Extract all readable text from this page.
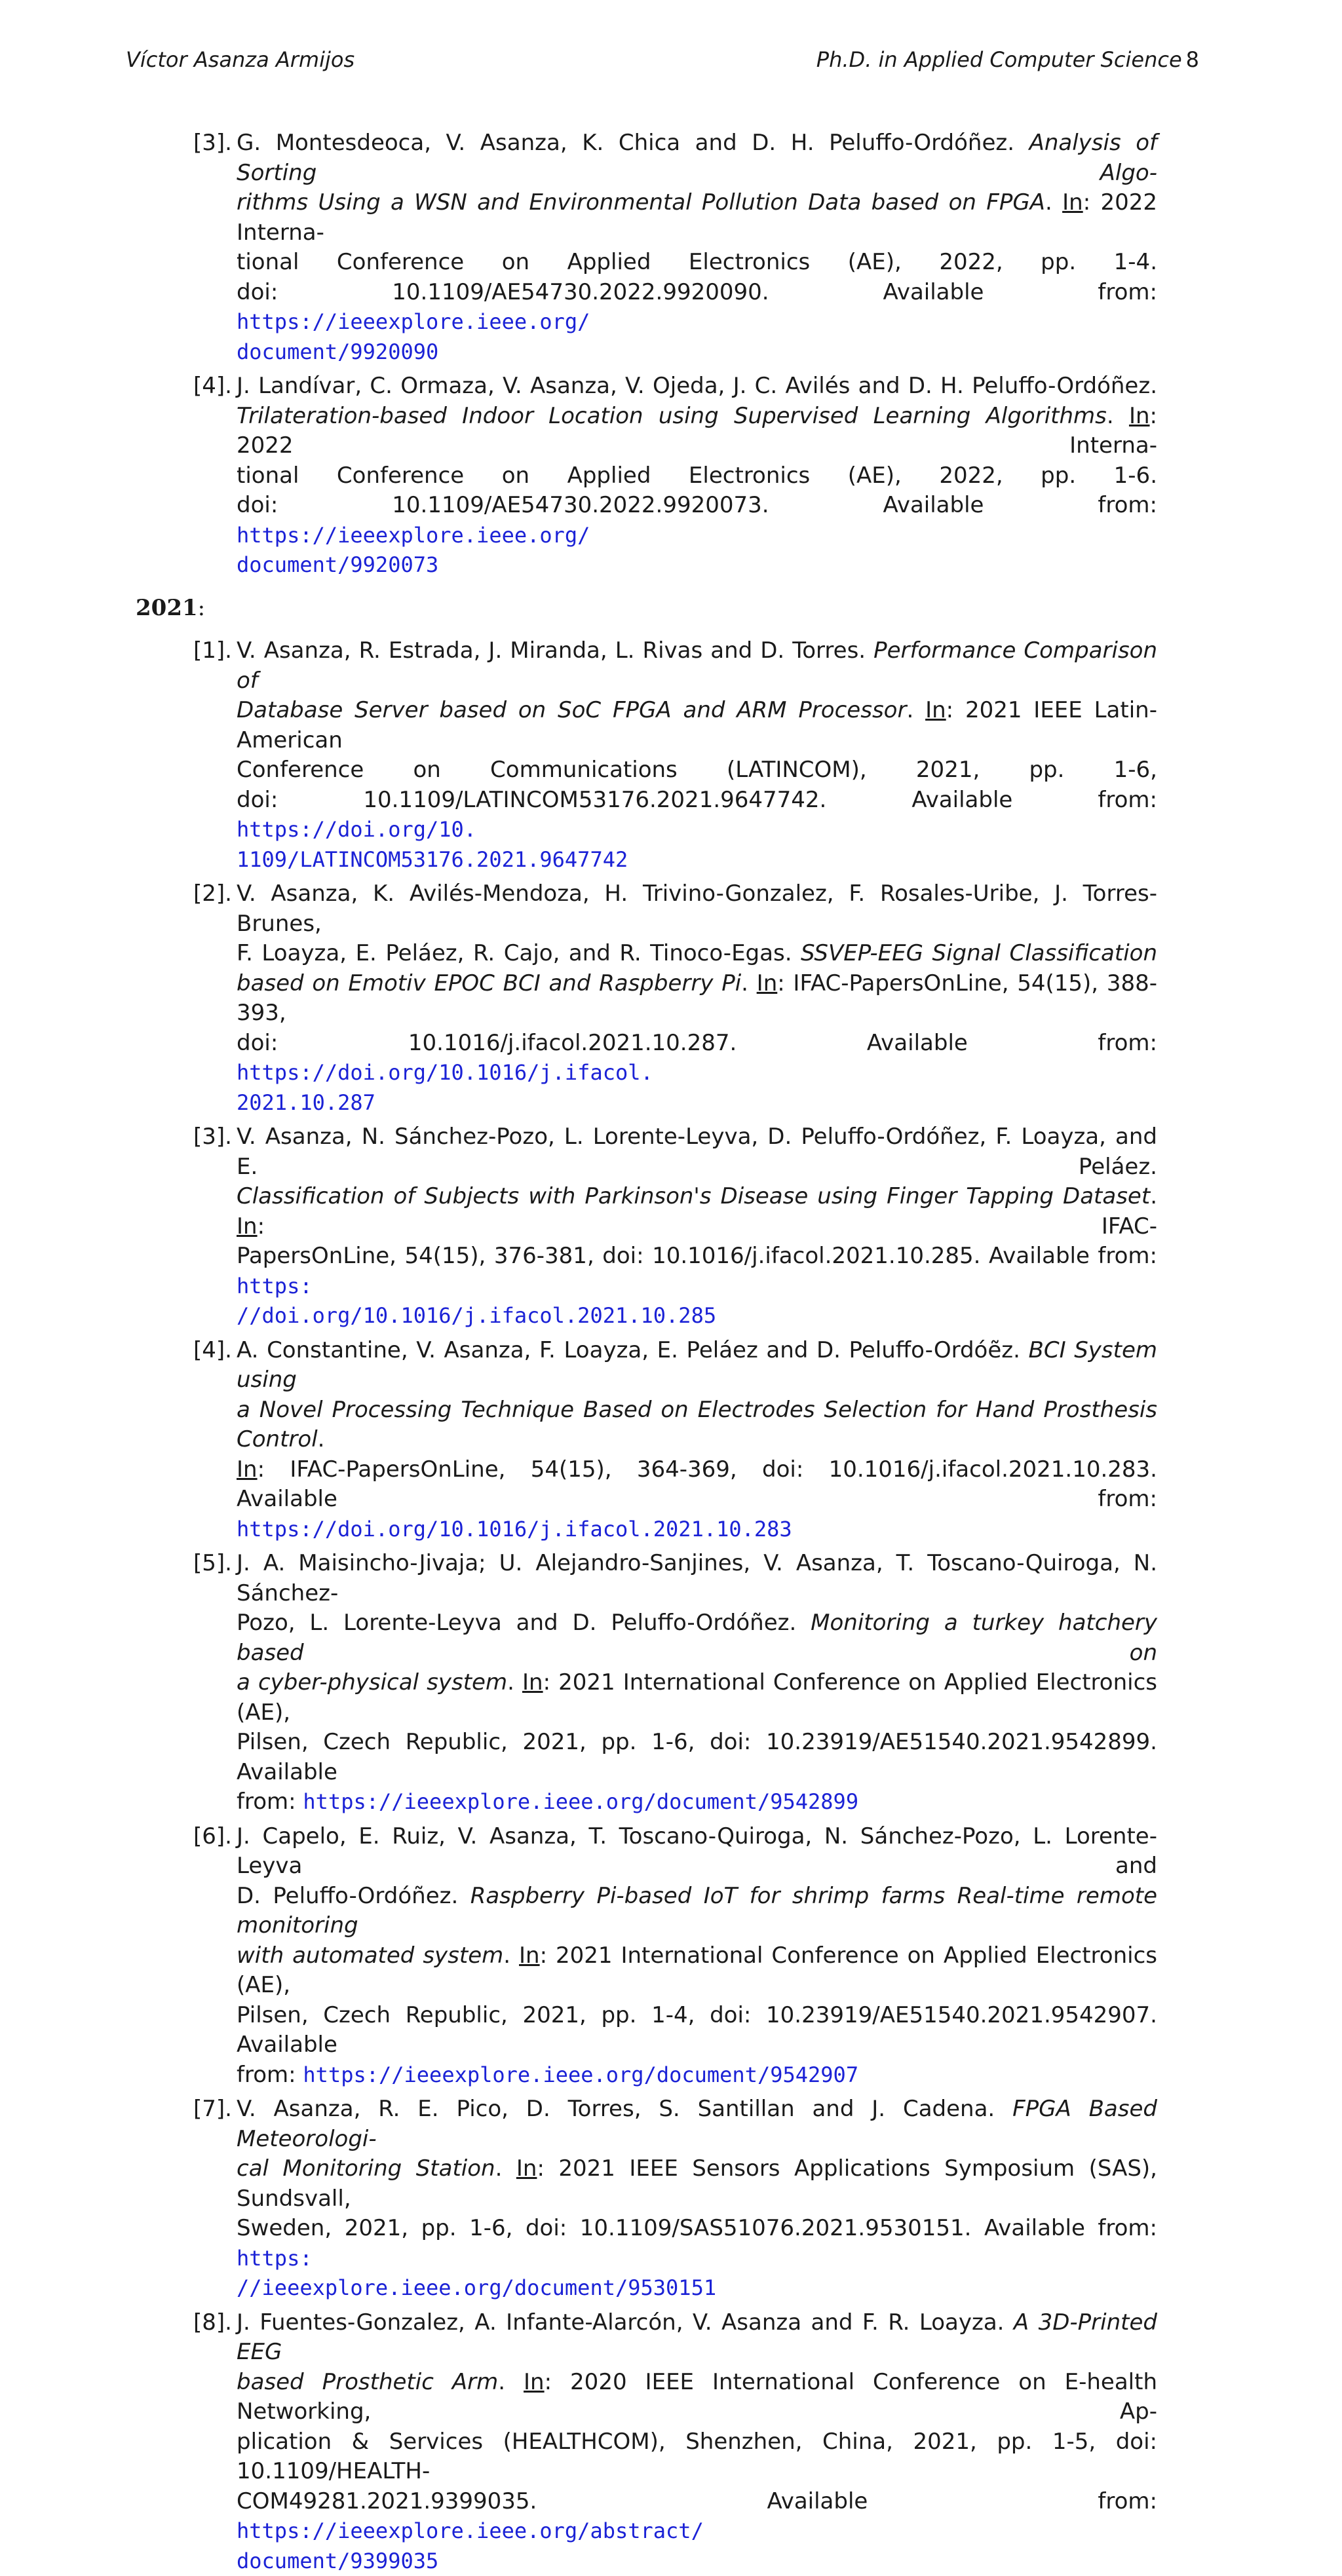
Víctor Asanza Armijos	Ph.D. in Applied Computer Science 8
[3]. G. Montesdeoca, V. Asanza, K. Chica and D. H. Peluffo-Ordóñez. Analysis of Sorting Algo-
rithms Using a WSN and Environmental Pollution Data based on FPGA. In: 2022 Interna-
tional Conference on Applied Electronics (AE), 2022, pp. 1-4.
doi: 10.1109/AE54730.2022.9920090. Available from: https://ieeexplore.ieee.org/
document/9920090
[4]. J. Landívar, C. Ormaza, V. Asanza, V. Ojeda, J. C. Avilés and D. H. Peluffo-Ordóñez.
Trilateration-based Indoor Location using Supervised Learning Algorithms. In: 2022 Interna-
tional Conference on Applied Electronics (AE), 2022, pp. 1-6.
doi: 10.1109/AE54730.2022.9920073. Available from: https://ieeexplore.ieee.org/
document/9920073
2021:
[1]. V. Asanza, R. Estrada, J. Miranda, L. Rivas and D. Torres. Performance Comparison of
Database Server based on SoC FPGA and ARM Processor. In: 2021 IEEE Latin-American
Conference on Communications (LATINCOM), 2021, pp. 1-6,
doi: 10.1109/LATINCOM53176.2021.9647742. Available from: https://doi.org/10.
1109/LATINCOM53176.2021.9647742
[2]. V. Asanza, K. Avilés-Mendoza, H. Trivino-Gonzalez, F. Rosales-Uribe, J. Torres-Brunes,
F. Loayza, E. Peláez, R. Cajo, and R. Tinoco-Egas. SSVEP-EEG Signal Classification
based on Emotiv EPOC BCI and Raspberry Pi. In: IFAC-PapersOnLine, 54(15), 388-393,
doi: 10.1016/j.ifacol.2021.10.287. Available from: https://doi.org/10.1016/j.ifacol.
2021.10.287
[3]. V. Asanza, N. Sánchez-Pozo, L. Lorente-Leyva, D. Peluffo-Ordóñez, F. Loayza, and E. Peláez.
Classification of Subjects with Parkinson's Disease using Finger Tapping Dataset. In: IFAC-
PapersOnLine, 54(15), 376-381, doi: 10.1016/j.ifacol.2021.10.285. Available from: https:
//doi.org/10.1016/j.ifacol.2021.10.285
[4]. A. Constantine, V. Asanza, F. Loayza, E. Peláez and D. Peluffo-Ordóẽz. BCI System using
a Novel Processing Technique Based on Electrodes Selection for Hand Prosthesis Control.
In: IFAC-PapersOnLine, 54(15), 364-369, doi: 10.1016/j.ifacol.2021.10.283. Available from:
https://doi.org/10.1016/j.ifacol.2021.10.283
[5]. J. A. Maisincho-Jivaja; U. Alejandro-Sanjines, V. Asanza, T. Toscano-Quiroga, N. Sánchez-
Pozo, L. Lorente-Leyva and D. Peluffo-Ordóñez. Monitoring a turkey hatchery based on
a cyber-physical system. In: 2021 International Conference on Applied Electronics (AE),
Pilsen, Czech Republic, 2021, pp. 1-6, doi: 10.23919/AE51540.2021.9542899. Available
from: https://ieeexplore.ieee.org/document/9542899
[6]. J. Capelo, E. Ruiz, V. Asanza, T. Toscano-Quiroga, N. Sánchez-Pozo, L. Lorente-Leyva and
D. Peluffo-Ordóñez. Raspberry Pi-based IoT for shrimp farms Real-time remote monitoring
with automated system. In: 2021 International Conference on Applied Electronics (AE),
Pilsen, Czech Republic, 2021, pp. 1-4, doi: 10.23919/AE51540.2021.9542907. Available
from: https://ieeexplore.ieee.org/document/9542907
[7]. V. Asanza, R. E. Pico, D. Torres, S. Santillan and J. Cadena. FPGA Based Meteorologi-
cal Monitoring Station. In: 2021 IEEE Sensors Applications Symposium (SAS), Sundsvall,
Sweden, 2021, pp. 1-6, doi: 10.1109/SAS51076.2021.9530151. Available from: https:
//ieeexplore.ieee.org/document/9530151
[8]. J. Fuentes-Gonzalez, A. Infante-Alarcón, V. Asanza and F. R. Loayza. A 3D-Printed EEG
based Prosthetic Arm. In: 2020 IEEE International Conference on E-health Networking, Ap-
plication & Services (HEALTHCOM), Shenzhen, China, 2021, pp. 1-5, doi: 10.1109/HEALTH-
COM49281.2021.9399035. Available from: https://ieeexplore.ieee.org/abstract/
document/9399035
